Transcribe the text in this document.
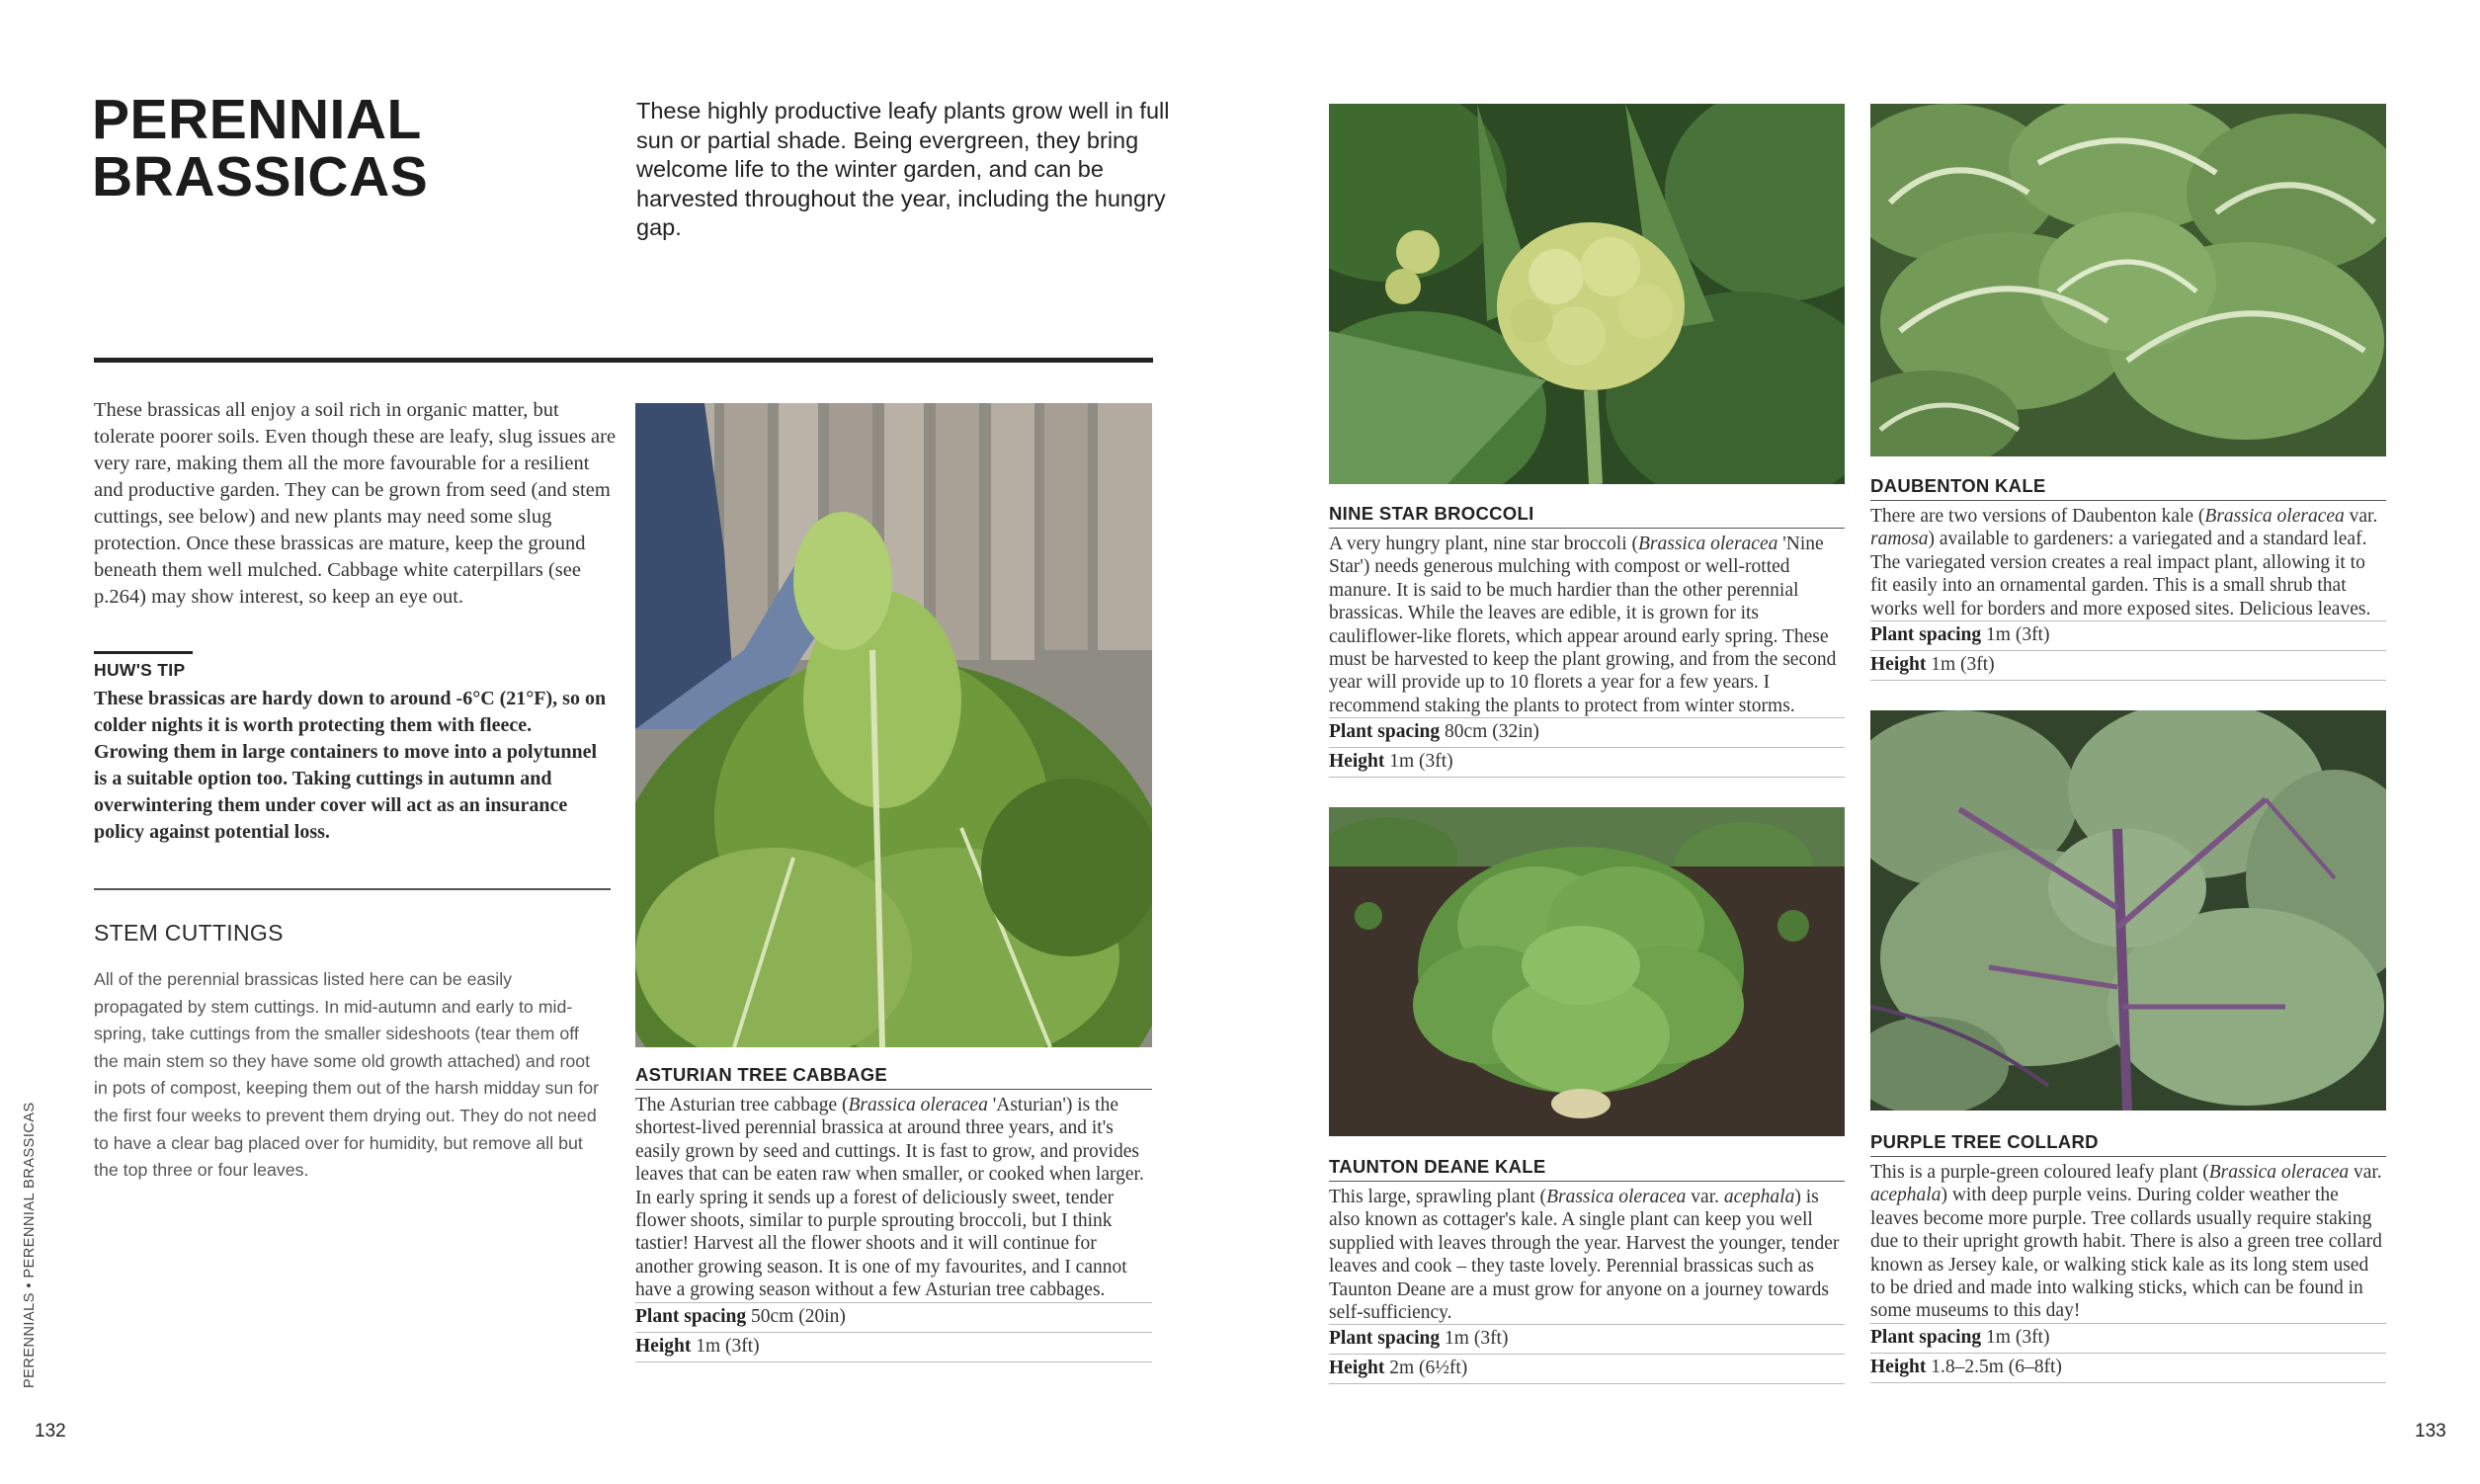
PERENNIAL
BRASSICAS
These highly productive leafy plants grow well in full sun or partial shade. Being evergreen, they bring welcome life to the winter garden, and can be harvested throughout the year, including the hungry gap.
These brassicas all enjoy a soil rich in organic matter, but tolerate poorer soils. Even though these are leafy, slug issues are very rare, making them all the more favourable for a resilient and productive garden. They can be grown from seed (and stem cuttings, see below) and new plants may need some slug protection. Once these brassicas are mature, keep the ground beneath them well mulched. Cabbage white caterpillars (see p.264) may show interest, so keep an eye out.
HUW'S TIP
These brassicas are hardy down to around -6°C (21°F), so on colder nights it is worth protecting them with fleece. Growing them in large containers to move into a polytunnel is a suitable option too. Taking cuttings in autumn and overwintering them under cover will act as an insurance policy against potential loss.
STEM CUTTINGS
All of the perennial brassicas listed here can be easily propagated by stem cuttings. In mid-autumn and early to mid-spring, take cuttings from the smaller sideshoots (tear them off the main stem so they have some old growth attached) and root in pots of compost, keeping them out of the harsh midday sun for the first four weeks to prevent them drying out. They do not need to have a clear bag placed over for humidity, but remove all but the top three or four leaves.
ASTURIAN TREE CABBAGE
The Asturian tree cabbage (Brassica oleracea 'Asturian') is the shortest-lived perennial brassica at around three years, and it's easily grown by seed and cuttings. It is fast to grow, and provides leaves that can be eaten raw when smaller, or cooked when larger. In early spring it sends up a forest of deliciously sweet, tender flower shoots, similar to purple sprouting broccoli, but I think tastier! Harvest all the flower shoots and it will continue for another growing season. It is one of my favourites, and I cannot have a growing season without a few Asturian tree cabbages.
Plant spacing 50cm (20in)
Height 1m (3ft)
PERENNIALS • PERENNIAL BRASSICAS
132
NINE STAR BROCCOLI
A very hungry plant, nine star broccoli (Brassica oleracea 'Nine Star') needs generous mulching with compost or well-rotted manure. It is said to be much hardier than the other perennial brassicas. While the leaves are edible, it is grown for its cauliflower-like florets, which appear around early spring. These must be harvested to keep the plant growing, and from the second year will provide up to 10 florets a year for a few years. I recommend staking the plants to protect from winter storms.
Plant spacing 80cm (32in)
Height 1m (3ft)
TAUNTON DEANE KALE
This large, sprawling plant (Brassica oleracea var. acephala) is also known as cottager's kale. A single plant can keep you well supplied with leaves through the year. Harvest the younger, tender leaves and cook – they taste lovely. Perennial brassicas such as Taunton Deane are a must grow for anyone on a journey towards self-sufficiency.
Plant spacing 1m (3ft)
Height 2m (6½ft)
DAUBENTON KALE
There are two versions of Daubenton kale (Brassica oleracea var. ramosa) available to gardeners: a variegated and a standard leaf. The variegated version creates a real impact plant, allowing it to fit easily into an ornamental garden. This is a small shrub that works well for borders and more exposed sites. Delicious leaves.
Plant spacing 1m (3ft)
Height 1m (3ft)
PURPLE TREE COLLARD
This is a purple-green coloured leafy plant (Brassica oleracea var. acephala) with deep purple veins. During colder weather the leaves become more purple. Tree collards usually require staking due to their upright growth habit. There is also a green tree collard known as Jersey kale, or walking stick kale as its long stem used to be dried and made into walking sticks, which can be found in some museums to this day!
Plant spacing 1m (3ft)
Height 1.8–2.5m (6–8ft)
133
